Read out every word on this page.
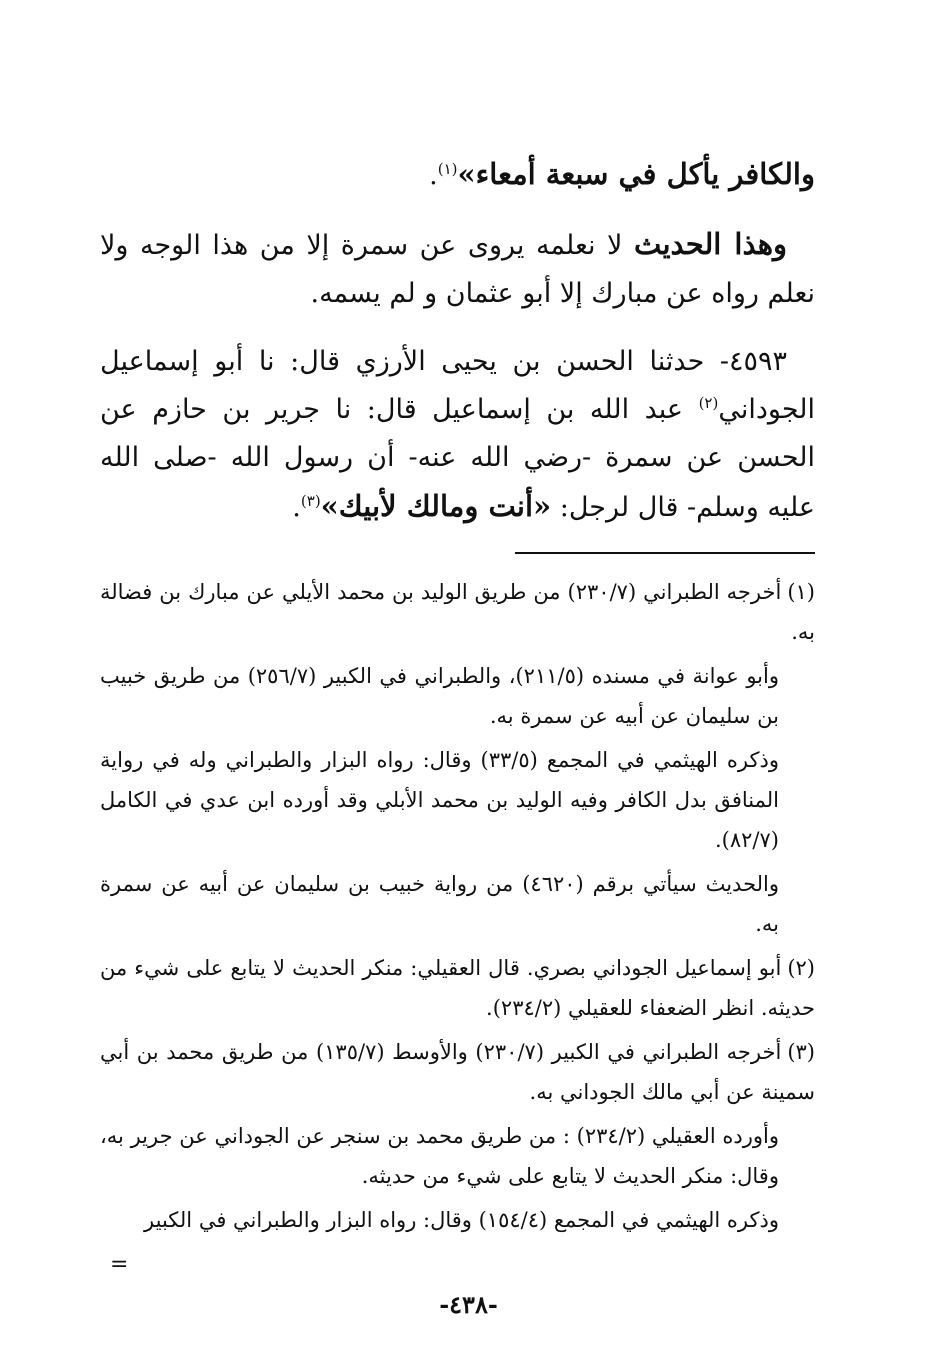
والكافر يأكل في سبعة أمعاء»$^{(١)}$.

وهذا الحديث لا نعلمه يروى عن سمرة إلا من هذا الوجه ولا نعلم رواه عن مبارك إلا أبو عثمان و لم يسمه.

٤٥٩٣- حدثنا الحسن بن يحيى الأرزي قال: نا أبو إسماعيل الجوداني$^{(٢)}$ عبد الله بن إسماعيل قال: نا جرير بن حازم عن الحسن عن سمرة -رضي الله عنه- أن رسول الله -صلى الله عليه وسلم- قال لرجل: «أنت ومالك لأبيك»$^{(٣)}$.

(١)أخرجه الطبراني (٢٣٠/٧) من طريق الوليد بن محمد الأيلي عن مبارك بن فضالة به.

وأبو عوانة في مسنده (٢١١/٥)، والطبراني في الكبير (٢٥٦/٧) من طريق خبيب بن سليمان عن أبيه عن سمرة به.

وذكره الهيثمي في المجمع (٣٣/٥) وقال: رواه البزار والطبراني وله في رواية المنافق بدل الكافر وفيه الوليد بن محمد الأبلي وقد أورده ابن عدي في الكامل (٨٢/٧).

والحديث سيأتي برقم (٤٦٢٠) من رواية خبيب بن سليمان عن أبيه عن سمرة به.

(٢)أبو إسماعيل الجوداني بصري. قال العقيلي: منكر الحديث لا يتابع على شيء من حديثه. انظر الضعفاء للعقيلي (٢٣٤/٢).

(٣)أخرجه الطبراني في الكبير (٢٣٠/٧) والأوسط (١٣٥/٧) من طريق محمد بن أبي سمينة عن أبي مالك الجوداني به.

وأورده العقيلي (٢٣٤/٢) : من طريق محمد بن سنجر عن الجوداني عن جرير به، وقال: منكر الحديث لا يتابع على شيء من حديثه.

وذكره الهيثمي في المجمع (١٥٤/٤) وقال: رواه البزار والطبراني في الكبير

=
-٤٣٨-
